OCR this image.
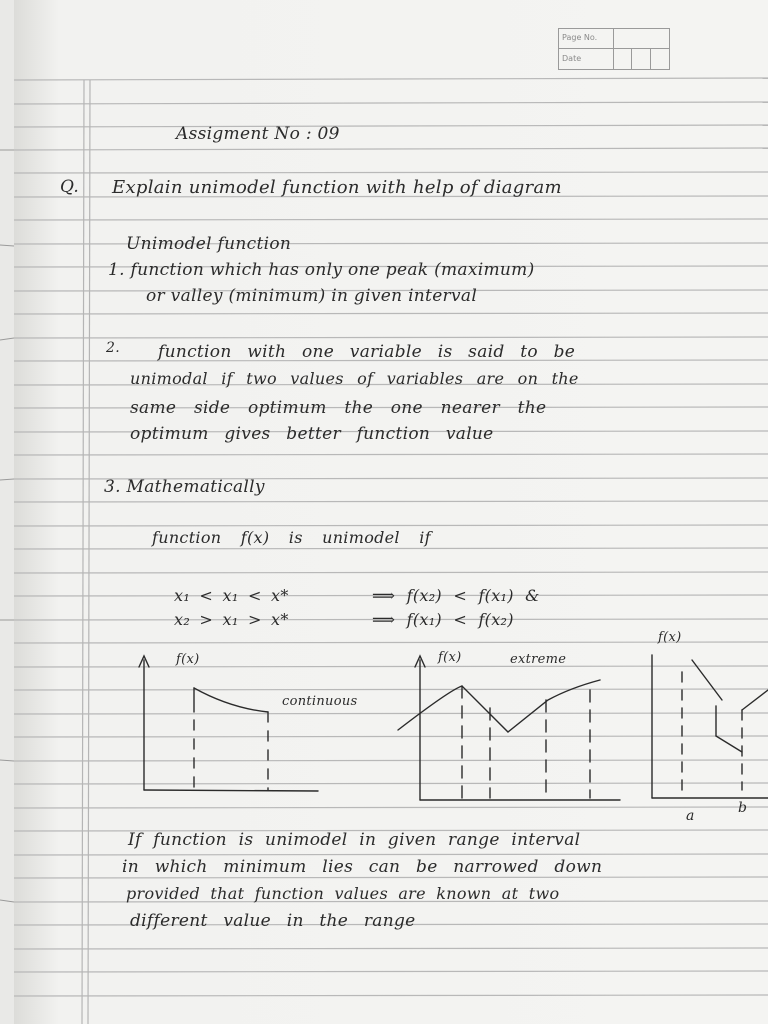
Page No.
Date
Assigment No : 09
Q. Explain unimodel function with help of diagram
Unimodel function
1. function which has only one peak (maximum)
or valley (minimum) in given interval
2. function with one variable is said to be
unimodal if two values of variables are on the
same side optimum the one nearer the
optimum gives better function value
3. Mathematically
function f(x) is unimodel if
x₁ < x₁ < x*	⟹ f(x₂) < f(x₁) &
x₂ > x₁ > x*	⟹ f(x₁) < f(x₂)
f(x)
continuous
f(x)	extreme
f(x)
a	b
If function is unimodel in given range interval
in which minimum lies can be narrowed down
provided that function values are known at two
different value in the range
